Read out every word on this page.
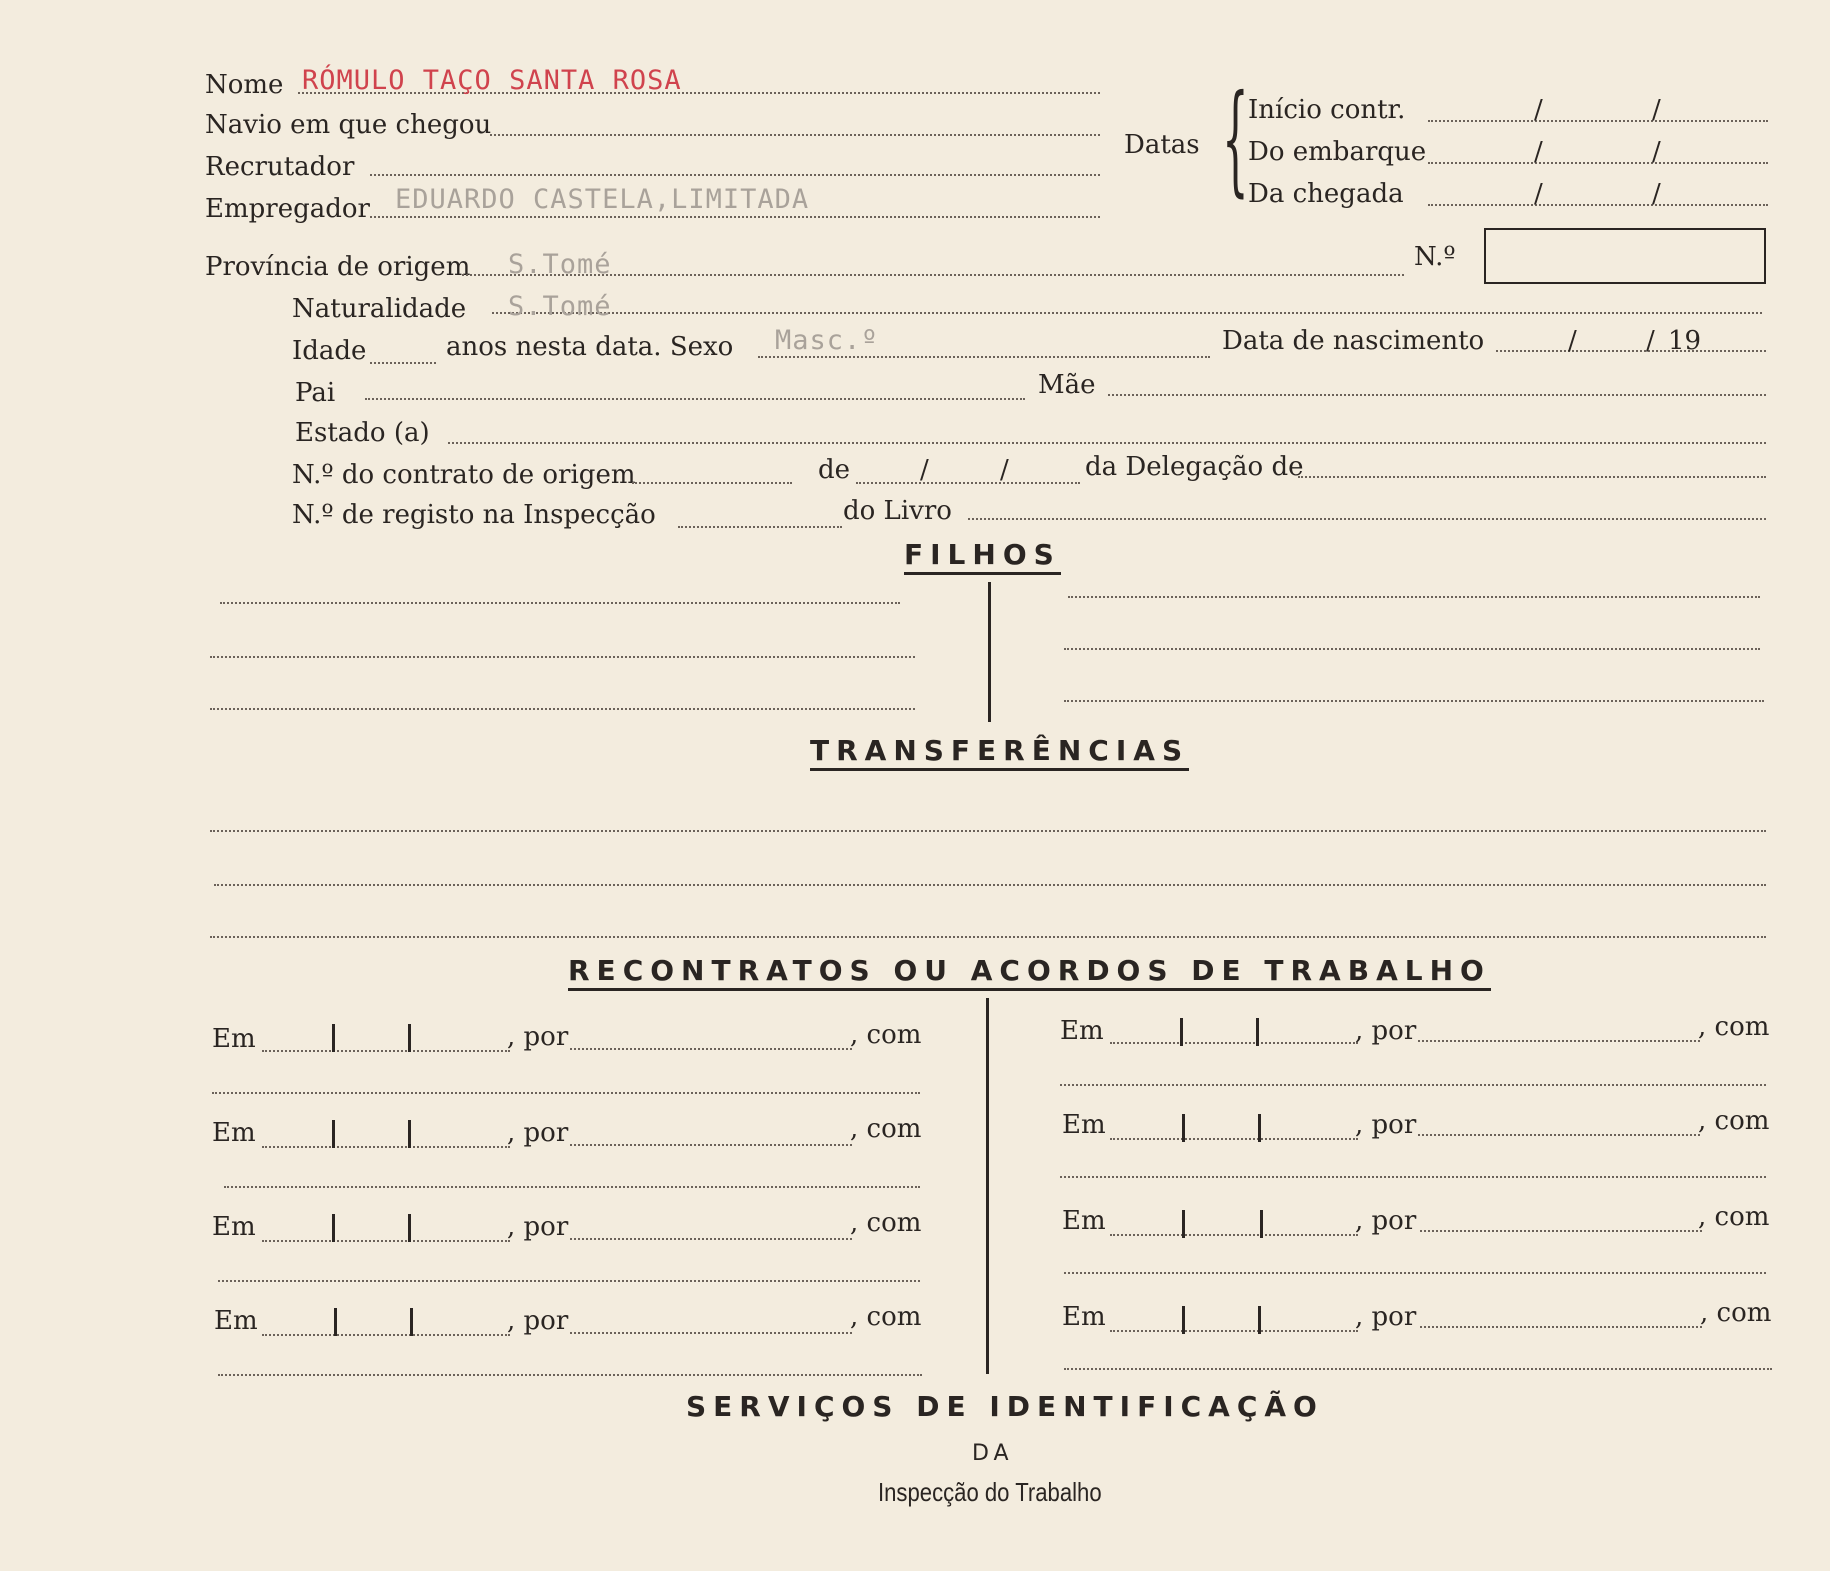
Nome RÓMULO TAÇO SANTA ROSA
Navio em que chegou
Recrutador
Empregador EDUARDO CASTELA,LIMITADA
Datas { Início contr.	/	/
Do embarque	/	/
Da chegada	/	/
Província de origem S.Tomé	N.º
Naturalidade S.Tomé
Idade	anos nesta data. Sexo Masc.º	Data de nascimento	/	/ 19
Pai	Mãe
Estado (a)
N.º do contrato de origem	de	/	/	da Delegação de
N.º de registo na Inspecção	do Livro
FILHOS
TRANSFERÊNCIAS
RECONTRATOS OU ACORDOS DE TRABALHO
Em	, por	, com
Em	, por	, com
Em	, por	, com
Em	, por	, com
Em	, por	, com
Em	, por	, com
Em	, por	, com
Em	, por	, com
SERVIÇOS DE IDENTIFICAÇÃO
DA
Inspecção do Trabalho
